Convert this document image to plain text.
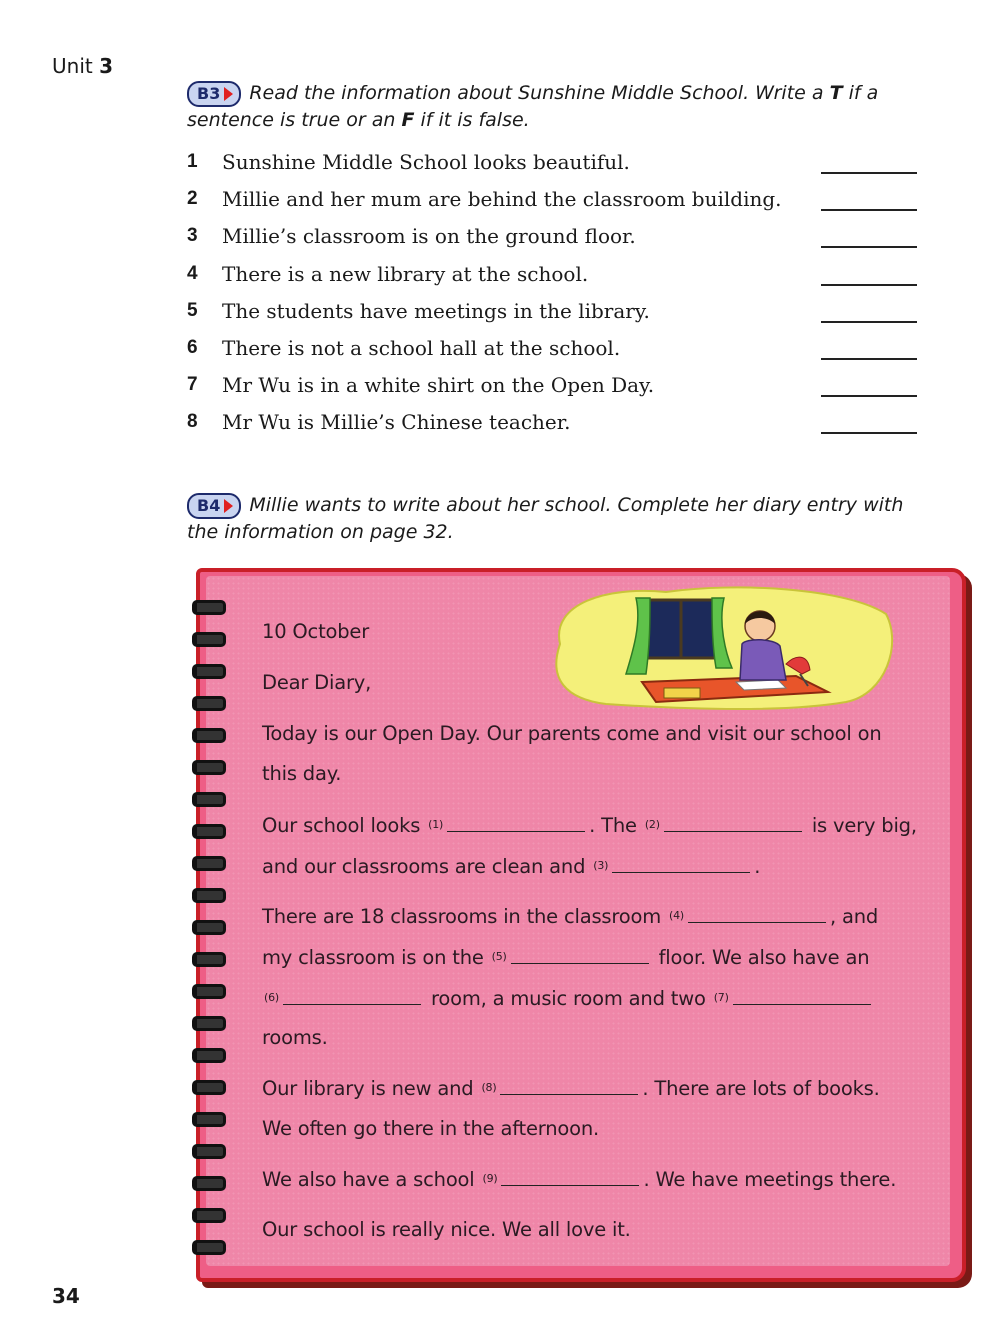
Unit 3
B3 Read the information about Sunshine Middle School. Write a T if a sentence is true or an F if it is false.
1 Sunshine Middle School looks beautiful.
2 Millie and her mum are behind the classroom building.
3 Millie’s classroom is on the ground floor.
4 There is a new library at the school.
5 The students have meetings in the library.
6 There is not a school hall at the school.
7 Mr Wu is in a white shirt on the Open Day.
8 Mr Wu is Millie’s Chinese teacher.
B4 Millie wants to write about her school. Complete her diary entry with the information on page 32.
10 October
Dear Diary,
Today is our Open Day. Our parents come and visit our school on
this day.
Our school looks $^{(1)}$	. The $^{(2)}$	is very big,
and our classrooms are clean and $^{(3)}$	.
There are 18 classrooms in the classroom $^{(4)}$	, and
my classroom is on the $^{(5)}$	floor. We also have an
$^{(6)}$	room, a music room and two $^{(7)}$
rooms.
Our library is new and $^{(8)}$	. There are lots of books.
We often go there in the afternoon.
We also have a school $^{(9)}$	. We have meetings there.
Our school is really nice. We all love it.
34
